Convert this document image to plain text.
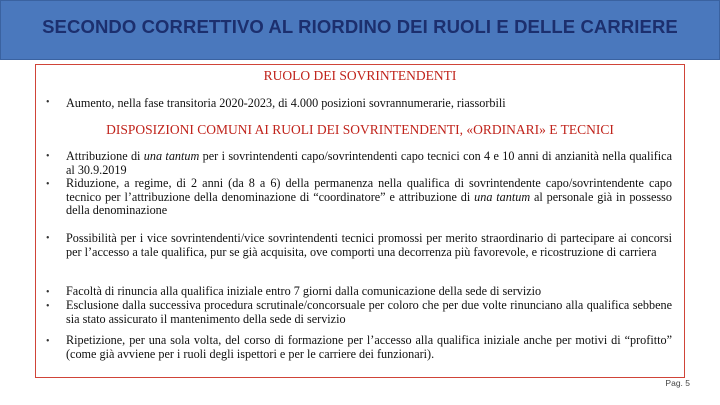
SECONDO CORRETTIVO AL RIORDINO DEI RUOLI E DELLE CARRIERE
RUOLO DEI SOVRINTENDENTI
• Aumento, nella fase transitoria 2020-2023, di 4.000 posizioni sovrannumerarie, riassorbili
DISPOSIZIONI COMUNI AI RUOLI DEI SOVRINTENDENTI, «ORDINARI» E TECNICI
• Attribuzione di una tantum per i sovrintendenti capo/sovrintendenti capo tecnici con 4 e 10 anni di anzianità nella qualifica al 30.9.2019
• Riduzione, a regime, di 2 anni (da 8 a 6) della permanenza nella qualifica di sovrintendente capo/sovrintendente capo tecnico per l’attribuzione della denominazione di “coordinatore” e attribuzione di una tantum al personale già in possesso della denominazione
• Possibilità per i vice sovrintendenti/vice sovrintendenti tecnici promossi per merito straordinario di partecipare ai concorsi per l’accesso a tale qualifica, pur se già acquisita, ove comporti una decorrenza più favorevole, e ricostruzione di carriera
• Facoltà di rinuncia alla qualifica iniziale entro 7 giorni dalla comunicazione della sede di servizio
• Esclusione dalla successiva procedura scrutinale/concorsuale per coloro che per due volte rinunciano alla qualifica sebbene sia stato assicurato il mantenimento della sede di servizio
• Ripetizione, per una sola volta, del corso di formazione per l’accesso alla qualifica iniziale anche per motivi di “profitto” (come già avviene per i ruoli degli ispettori e per le carriere dei funzionari).
Pag. 5
